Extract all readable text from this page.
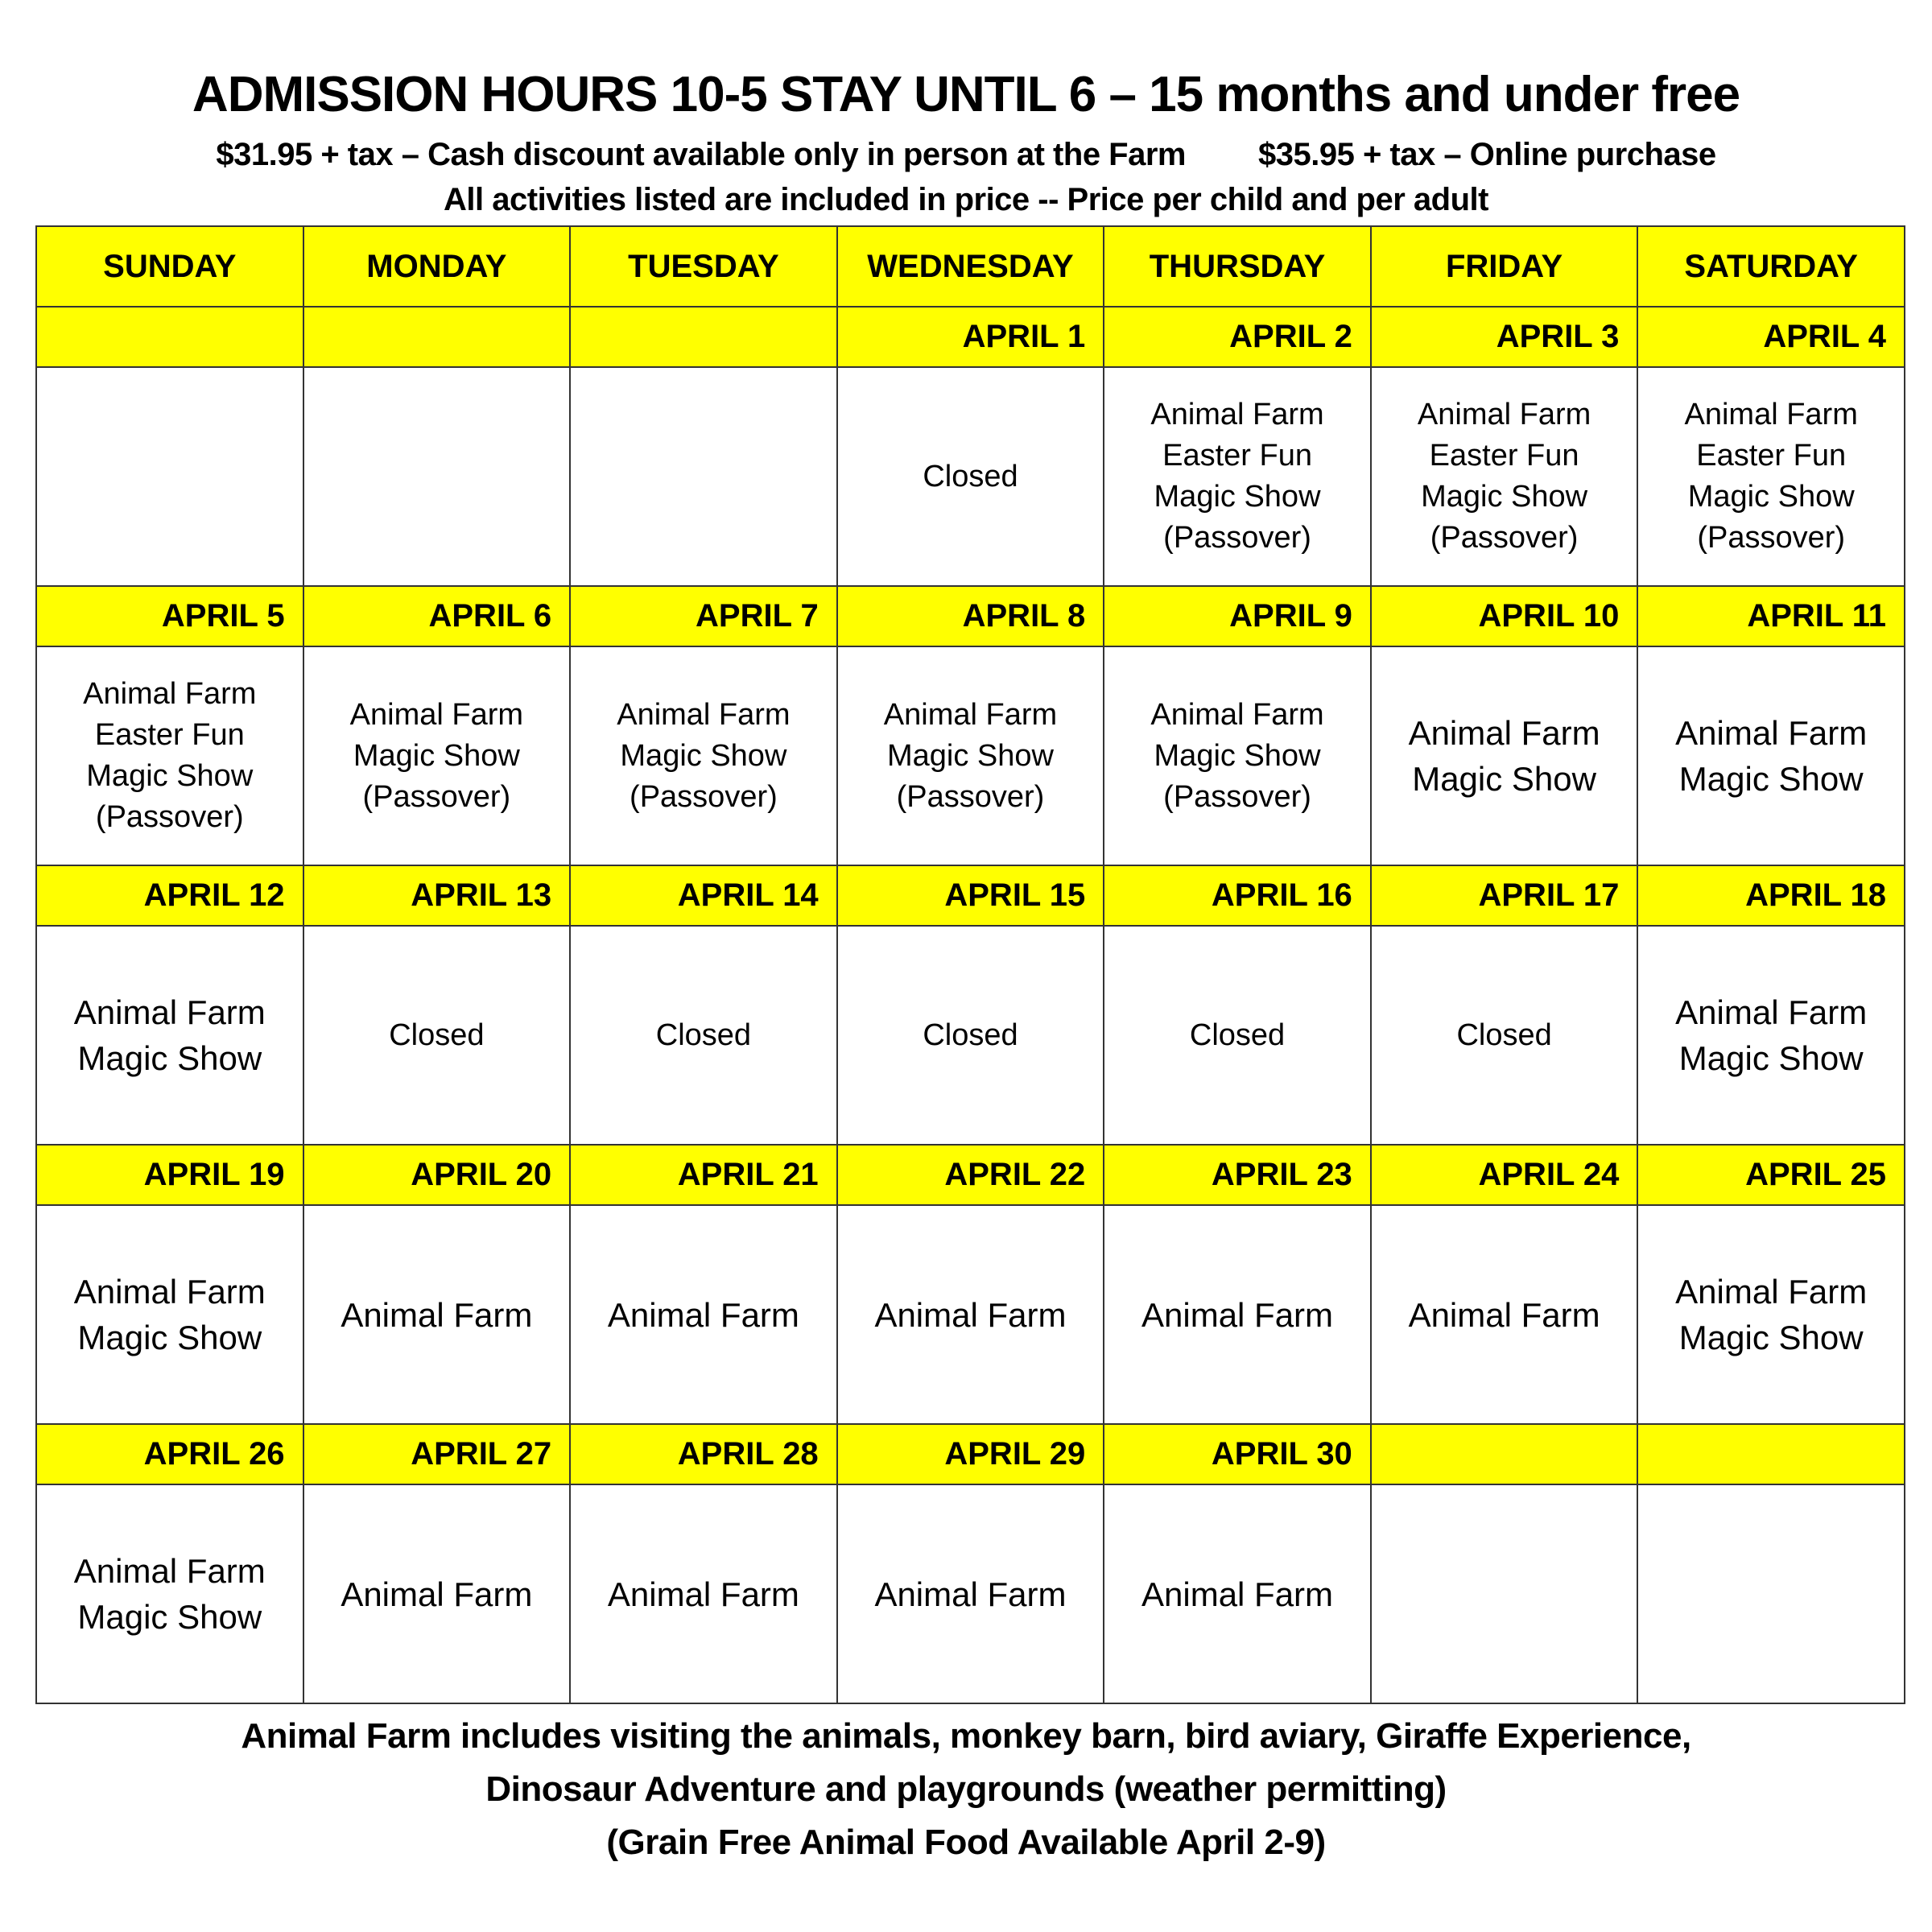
ADMISSION HOURS 10-5 STAY UNTIL 6 – 15 months and under free
$31.95 + tax – Cash discount available only in person at the Farm $35.95 + tax – Online purchase
All activities listed are included in price -- Price per child and per adult
SUNDAY	MONDAY	TUESDAY	WEDNESDAY	THURSDAY	FRIDAY	SATURDAY
			APRIL 1	APRIL 2	APRIL 3	APRIL 4

			Closed	Animal Farm
Easter Fun
Magic Show
(Passover)	Animal Farm
Easter Fun
Magic Show
(Passover)	Animal Farm
Easter Fun
Magic Show
(Passover)

APRIL 5	APRIL 6	APRIL 7	APRIL 8	APRIL 9	APRIL 10	APRIL 11

Animal Farm
Easter Fun
Magic Show
(Passover)	Animal Farm
Magic Show
(Passover)	Animal Farm
Magic Show
(Passover)	Animal Farm
Magic Show
(Passover)	Animal Farm
Magic Show
(Passover)	Animal Farm
Magic Show	Animal Farm
Magic Show

APRIL 12	APRIL 13	APRIL 14	APRIL 15	APRIL 16	APRIL 17	APRIL 18

Animal Farm
Magic Show	Closed	Closed	Closed	Closed	Closed	Animal Farm
Magic Show

APRIL 19	APRIL 20	APRIL 21	APRIL 22	APRIL 23	APRIL 24	APRIL 25

Animal Farm
Magic Show	Animal Farm	Animal Farm	Animal Farm	Animal Farm	Animal Farm	Animal Farm
Magic Show

APRIL 26	APRIL 27	APRIL 28	APRIL 29	APRIL 30		

Animal Farm
Magic Show	Animal Farm	Animal Farm	Animal Farm	Animal Farm		

Animal Farm includes visiting the animals, monkey barn, bird aviary, Giraffe Experience,
Dinosaur Adventure and playgrounds (weather permitting)
(Grain Free Animal Food Available April 2-9)
